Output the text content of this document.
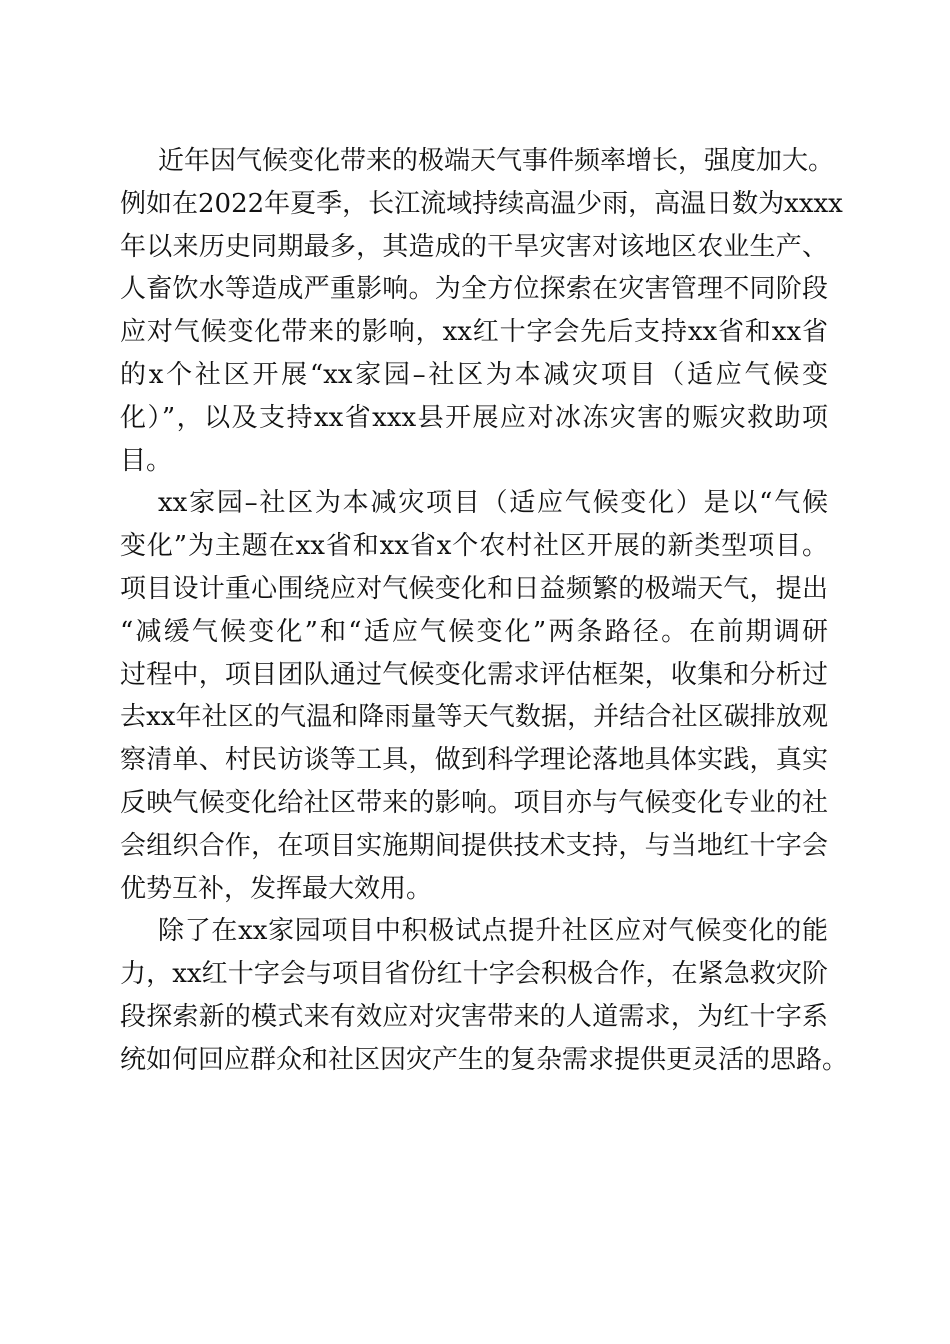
近年因气候变化带来的极端天气事件频率增长，强度加大。
例如在2022年夏季，长江流域持续高温少雨，高温日数为xxxx
年以来历史同期最多，其造成的干旱灾害对该地区农业生产、
人畜饮水等造成严重影响。为全方位探索在灾害管理不同阶段
应对气候变化带来的影响，xx红十字会先后支持xx省和xx省
的x个社区开展“xx家园–社区为本减灾项目（适应气候变
化）”，以及支持xx省xxx县开展应对冰冻灾害的赈灾救助项
目。
xx家园–社区为本减灾项目（适应气候变化）是以“气候
变化”为主题在xx省和xx省x个农村社区开展的新类型项目。
项目设计重心围绕应对气候变化和日益频繁的极端天气，提出
“减缓气候变化”和“适应气候变化”两条路径。在前期调研
过程中，项目团队通过气候变化需求评估框架，收集和分析过
去xx年社区的气温和降雨量等天气数据，并结合社区碳排放观
察清单、村民访谈等工具，做到科学理论落地具体实践，真实
反映气候变化给社区带来的影响。项目亦与气候变化专业的社
会组织合作，在项目实施期间提供技术支持，与当地红十字会
优势互补，发挥最大效用。
除了在xx家园项目中积极试点提升社区应对气候变化的能
力，xx红十字会与项目省份红十字会积极合作，在紧急救灾阶
段探索新的模式来有效应对灾害带来的人道需求，为红十字系
统如何回应群众和社区因灾产生的复杂需求提供更灵活的思路。
